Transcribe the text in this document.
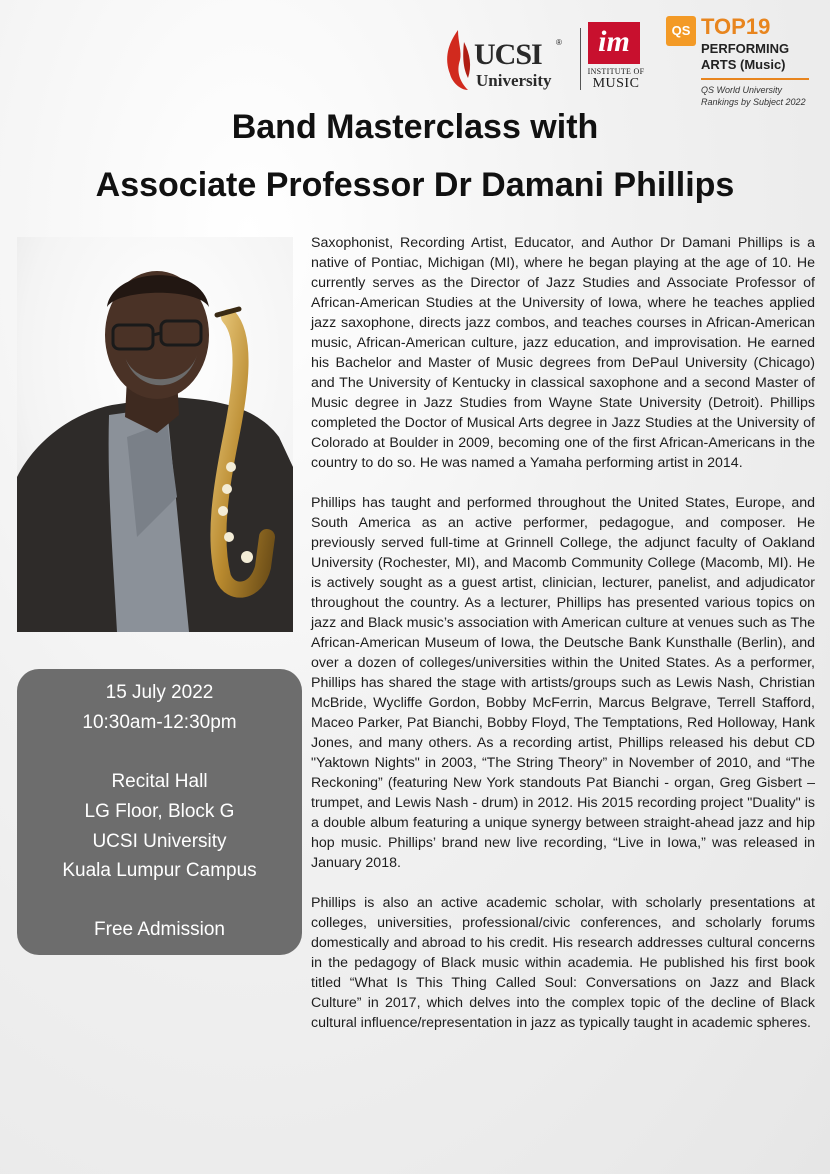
UCSI ®
University
im
INSTITUTE OF
MUSIC
QS TOP19
PERFORMING
ARTS (Music)
QS World University
Rankings by Subject 2022
Band Masterclass with
Associate Professor Dr Damani Phillips
15 July 2022
10:30am-12:30pm
Recital Hall
LG Floor, Block G
UCSI University
Kuala Lumpur Campus
Free Admission

Saxophonist, Recording Artist, Educator, and Author Dr Damani Phillips is a native of Pontiac, Michigan (MI), where he began playing at the age of 10. He currently serves as the Director of Jazz Studies and Associate Professor of African-American Studies at the University of Iowa, where he teaches applied jazz saxophone, directs jazz combos, and teaches courses in African-American music, African-American culture, jazz education, and improvisation. He earned his Bachelor and Master of Music degrees from DePaul University (Chicago) and The University of Kentucky in classical saxophone and a second Master of Music degree in Jazz Studies from Wayne State University (Detroit). Phillips completed the Doctor of Musical Arts degree in Jazz Studies at the University of Colorado at Boulder in 2009, becoming one of the first African-Americans in the country to do so. He was named a Yamaha performing artist in 2014.

Phillips has taught and performed throughout the United States, Europe, and South America as an active performer, pedagogue, and composer. He previously served full-time at Grinnell College, the adjunct faculty of Oakland University (Rochester, MI), and Macomb Community College (Macomb, MI). He is actively sought as a guest artist, clinician, lecturer, panelist, and adjudicator throughout the country. As a lecturer, Phillips has presented various topics on jazz and Black music’s association with American culture at venues such as The African-American Museum of Iowa, the Deutsche Bank Kunsthalle (Berlin), and over a dozen of colleges/universities within the United States. As a performer, Phillips has shared the stage with artists/groups such as Lewis Nash, Christian McBride, Wycliffe Gordon, Bobby McFerrin, Marcus Belgrave, Terrell Stafford, Maceo Parker, Pat Bianchi, Bobby Floyd, The Temptations, Red Holloway, Hank Jones, and many others. As a recording artist, Phillips released his debut CD "Yaktown Nights" in 2003, “The String Theory” in November of 2010, and “The Reckoning” (featuring New York standouts Pat Bianchi - organ, Greg Gisbert – trumpet, and Lewis Nash - drum) in 2012. His 2015 recording project "Duality" is a double album featuring a unique synergy between straight-ahead jazz and hip hop music. Phillips’ brand new live recording, “Live in Iowa,” was released in January 2018.

Phillips is also an active academic scholar, with scholarly presentations at colleges, universities, professional/civic conferences, and scholarly forums domestically and abroad to his credit. His research addresses cultural concerns in the pedagogy of Black music within academia. He published his first book titled “What Is This Thing Called Soul: Conversations on Jazz and Black Culture” in 2017, which delves into the complex topic of the decline of Black cultural influence/representation in jazz as typically taught in academic spheres.
